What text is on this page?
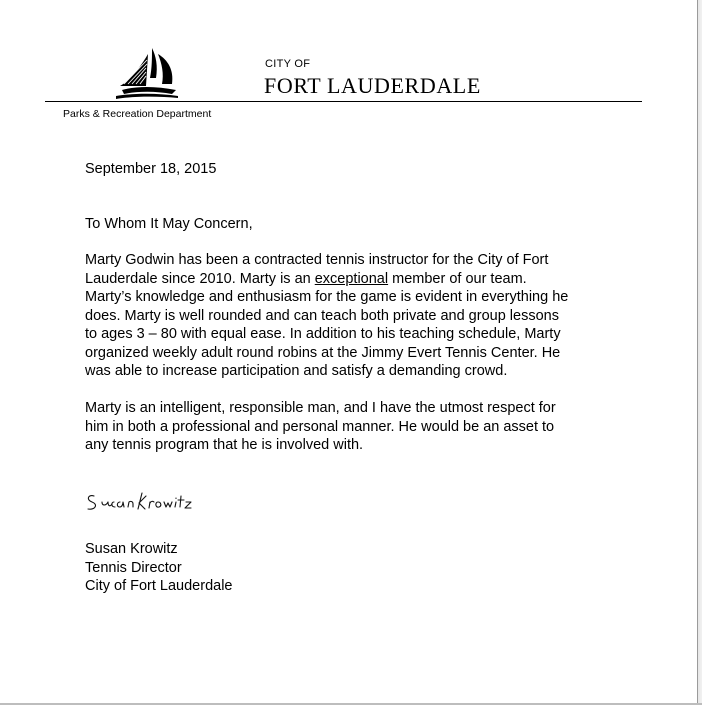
CITY OF
FORT LAUDERDALE
Parks & Recreation Department
September 18, 2015
To Whom It May Concern,
Marty Godwin has been a contracted tennis instructor for the City of Fort
Lauderdale since 2010. Marty is an exceptional member of our team.
Marty’s knowledge and enthusiasm for the game is evident in everything he
does. Marty is well rounded and can teach both private and group lessons
to ages 3 – 80 with equal ease. In addition to his teaching schedule, Marty
organized weekly adult round robins at the Jimmy Evert Tennis Center. He
was able to increase participation and satisfy a demanding crowd.
Marty is an intelligent, responsible man, and I have the utmost respect for
him in both a professional and personal manner. He would be an asset to
any tennis program that he is involved with.
Susan Krowitz
Tennis Director
City of Fort Lauderdale
